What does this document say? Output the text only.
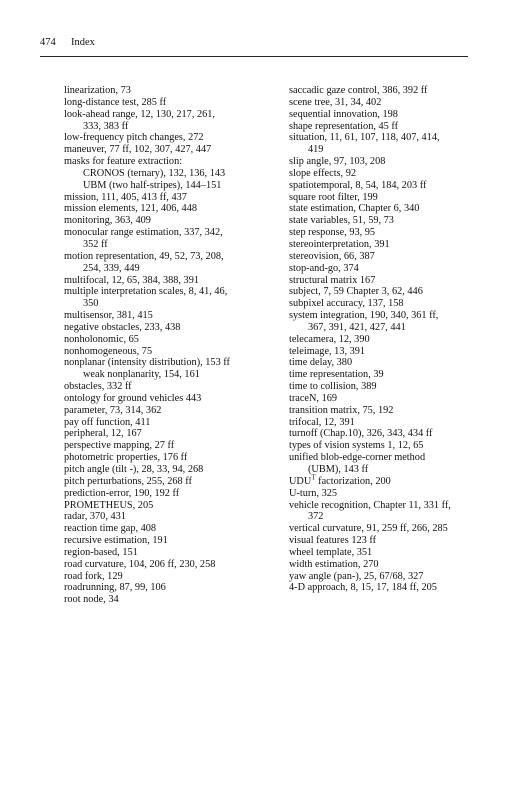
474 Index
linearization, 73
long-distance test, 285 ff
look-ahead range, 12, 130, 217, 261,
333, 383 ff
low-frequency pitch changes, 272
maneuver, 77 ff, 102, 307, 427, 447
masks for feature extraction:
CRONOS (ternary), 132, 136, 143
UBM (two half-stripes), 144–151
mission, 111, 405, 413 ff, 437
mission elements, 121, 406, 448
monitoring, 363, 409
monocular range estimation, 337, 342,
352 ff
motion representation, 49, 52, 73, 208,
254, 339, 449
multifocal, 12, 65, 384, 388, 391
multiple interpretation scales, 8, 41, 46,
350
multisensor, 381, 415
negative obstacles, 233, 438
nonholonomic, 65
nonhomogeneous, 75
nonplanar (intensity distribution), 153 ff
weak nonplanarity, 154, 161
obstacles, 332 ff
ontology for ground vehicles 443
parameter, 73, 314, 362
pay off function, 411
peripheral, 12, 167
perspective mapping, 27 ff
photometric properties, 176 ff
pitch angle (tilt -), 28, 33, 94, 268
pitch perturbations, 255, 268 ff
prediction-error, 190, 192 ff
PROMETHEUS, 205
radar, 370, 431
reaction time gap, 408
recursive estimation, 191
region-based, 151
road curvature, 104, 206 ff, 230, 258
road fork, 129
roadrunning, 87, 99, 106
root node, 34
saccadic gaze control, 386, 392 ff
scene tree, 31, 34, 402
sequential innovation, 198
shape representation, 45 ff
situation, 11, 61, 107, 118, 407, 414,
419
slip angle, 97, 103, 208
slope effects, 92
spatiotemporal, 8, 54, 184, 203 ff
square root filter, 199
state estimation, Chapter 6, 340
state variables, 51, 59, 73
step response, 93, 95
stereointerpretation, 391
stereovision, 66, 387
stop-and-go, 374
structural matrix 167
subject, 7, 59 Chapter 3, 62, 446
subpixel accuracy, 137, 158
system integration, 190, 340, 361 ff,
367, 391, 421, 427, 441
telecamera, 12, 390
teleimage, 13, 391
time delay, 380
time representation, 39
time to collision, 389
traceN, 169
transition matrix, 75, 192
trifocal, 12, 391
turnoff (Chap.10), 326, 343, 434 ff
types of vision systems 1, 12, 65
unified blob-edge-corner method
(UBM), 143 ff
$UDU^T$ factorization, 200
U-turn, 325
vehicle recognition, Chapter 11, 331 ff,
372
vertical curvature, 91, 259 ff, 266, 285
visual features 123 ff
wheel template, 351
width estimation, 270
yaw angle (pan-), 25, 67/68, 327
4-D approach, 8, 15, 17, 184 ff, 205
